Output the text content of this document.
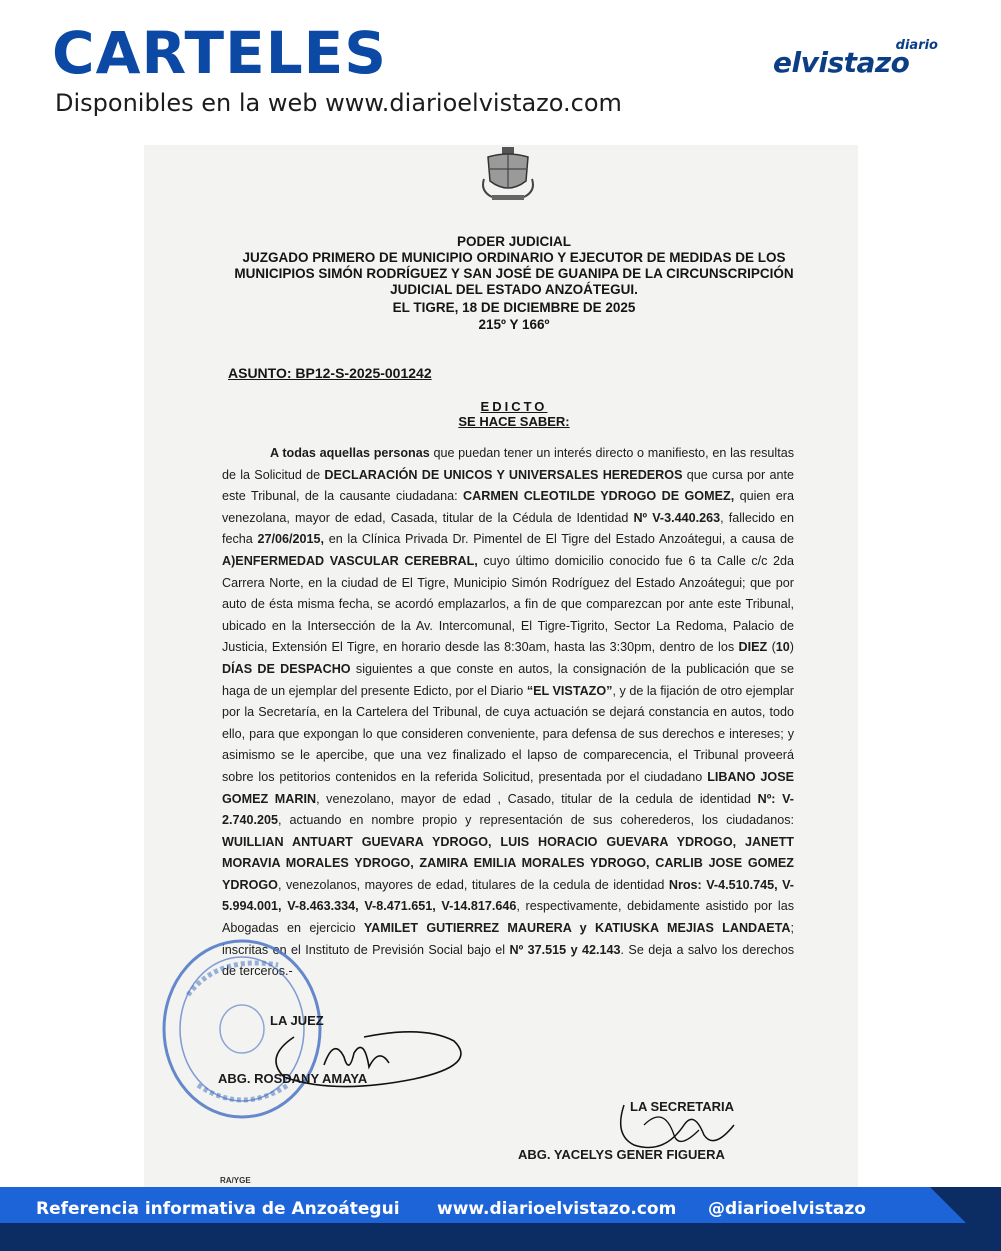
CARTELES
Disponibles en la web www.diarioelvistazo.com
diario
elvistazo
PODER JUDICIAL
JUZGADO PRIMERO DE MUNICIPIO ORDINARIO Y EJECUTOR DE MEDIDAS DE LOS
MUNICIPIOS SIMÓN RODRÍGUEZ Y SAN JOSÉ DE GUANIPA DE LA CIRCUNSCRIPCIÓN
JUDICIAL DEL ESTADO ANZOÁTEGUI.
EL TIGRE, 18 DE DICIEMBRE DE 2025
215º Y 166º
ASUNTO: BP12-S-2025-001242
EDICTO
SE HACE SABER:
A todas aquellas personas que puedan tener un interés directo o manifiesto, en las resultas de la Solicitud de DECLARACIÓN DE UNICOS Y UNIVERSALES HEREDEROS que cursa por ante este Tribunal, de la causante ciudadana: CARMEN CLEOTILDE YDROGO DE GOMEZ, quien era venezolana, mayor de edad, Casada, titular de la Cédula de Identidad Nº V-3.440.263, fallecido en fecha 27/06/2015, en la Clínica Privada Dr. Pimentel de El Tigre del Estado Anzoátegui, a causa de A)ENFERMEDAD VASCULAR CEREBRAL, cuyo último domicilio conocido fue 6 ta Calle c/c 2da Carrera Norte, en la ciudad de El Tigre, Municipio Simón Rodríguez del Estado Anzoátegui; que por auto de ésta misma fecha, se acordó emplazarlos, a fin de que comparezcan por ante este Tribunal, ubicado en la Intersección de la Av. Intercomunal, El Tigre-Tigrito, Sector La Redoma, Palacio de Justicia, Extensión El Tigre, en horario desde las 8:30am, hasta las 3:30pm, dentro de los DIEZ (10) DÍAS DE DESPACHO siguientes a que conste en autos, la consignación de la publicación que se haga de un ejemplar del presente Edicto, por el Diario “EL VISTAZO”, y de la fijación de otro ejemplar por la Secretaría, en la Cartelera del Tribunal, de cuya actuación se dejará constancia en autos, todo ello, para que expongan lo que consideren conveniente, para defensa de sus derechos e intereses; y asimismo se le apercibe, que una vez finalizado el lapso de comparecencia, el Tribunal proveerá sobre los petitorios contenidos en la referida Solicitud, presentada por el ciudadano LIBANO JOSE GOMEZ MARIN, venezolano, mayor de edad , Casado, titular de la cedula de identidad Nº: V-2.740.205, actuando en nombre propio y representación de sus coherederos, los ciudadanos: WUILLIAN ANTUART GUEVARA YDROGO, LUIS HORACIO GUEVARA YDROGO, JANETT MORAVIA MORALES YDROGO, ZAMIRA EMILIA MORALES YDROGO, CARLIB JOSE GOMEZ YDROGO, venezolanos, mayores de edad, titulares de la cedula de identidad Nros: V-4.510.745, V-5.994.001, V-8.463.334, V-8.471.651, V-14.817.646, respectivamente, debidamente asistido por las Abogadas en ejercicio YAMILET GUTIERREZ MAURERA y KATIUSKA MEJIAS LANDAETA; inscritas en el Instituto de Previsión Social bajo el Nº 37.515 y 42.143. Se deja a salvo los derechos de terceros.-
LA JUEZ
ABG. ROSDANY AMAYA
LA SECRETARIA
ABG. YACELYS GENER FIGUERA
RA/YGE
Referencia informativa de Anzoátegui www.diarioelvistazo.com @diarioelvistazo
